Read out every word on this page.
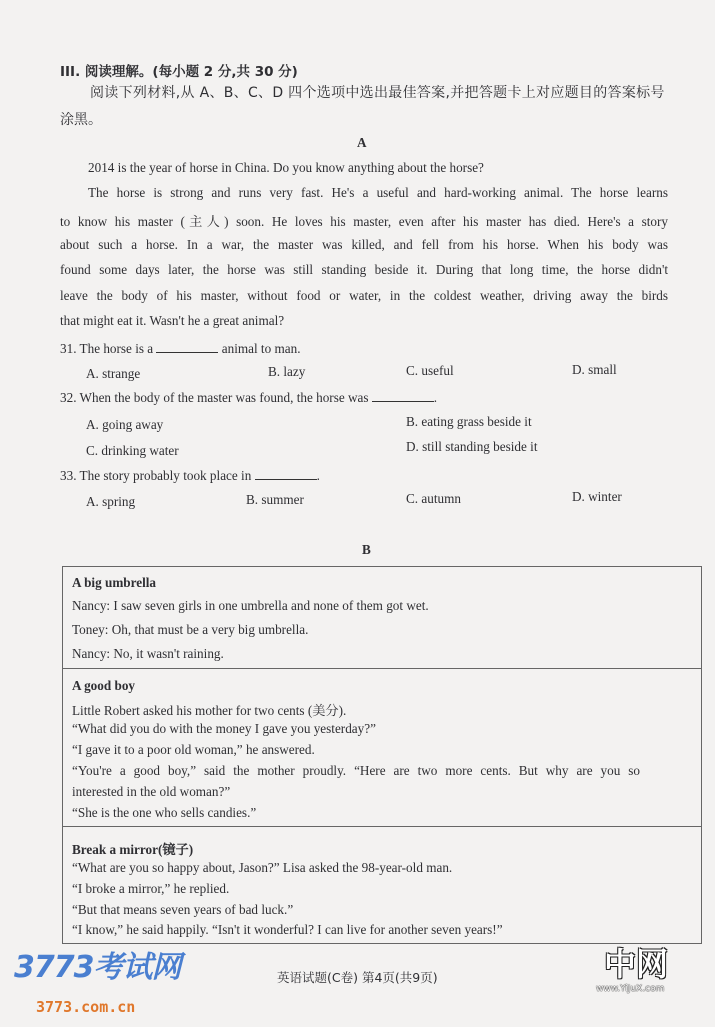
III. 阅读理解。(每小题 2 分,共 30 分)
阅读下列材料,从 A、B、C、D 四个选项中选出最佳答案,并把答题卡上对应题目的答案标号
涂黑。
A
2014 is the year of horse in China. Do you know anything about the horse?
The horse is strong and runs very fast. He's a useful and hard-working animal. The horse learns
to know his master (主人) soon. He loves his master, even after his master has died. Here's a story
about such a horse. In a war, the master was killed, and fell from his horse. When his body was
found some days later, the horse was still standing beside it. During that long time, the horse didn't
leave the body of his master, without food or water, in the coldest weather, driving away the birds
that might eat it. Wasn't he a great animal?
31. The horse is a	animal to man.
A. strange	B. lazy	C. useful	D. small
32. When the body of the master was found, the horse was	.
A. going away	B. eating grass beside it
C. drinking water	D. still standing beside it
33. The story probably took place in	.
A. spring	B. summer	C. autumn	D. winter
B
A big umbrella
Nancy: I saw seven girls in one umbrella and none of them got wet.
Toney: Oh, that must be a very big umbrella.
Nancy: No, it wasn't raining.
A good boy
Little Robert asked his mother for two cents (美分).
“What did you do with the money I gave you yesterday?”
“I gave it to a poor old woman,” he answered.
“You're a good boy,” said the mother proudly. “Here are two more cents. But why are you so
interested in the old woman?”
“She is the one who sells candies.”
Break a mirror(镜子)
“What are you so happy about, Jason?” Lisa asked the 98-year-old man.
“I broke a mirror,” he replied.
“But that means seven years of bad luck.”
“I know,” he said happily. “Isn't it wonderful? I can live for another seven years!”
英语试题(C卷) 第4页(共9页)
3773考试网
3773.com.cn
中网
www.YiJuX.com
